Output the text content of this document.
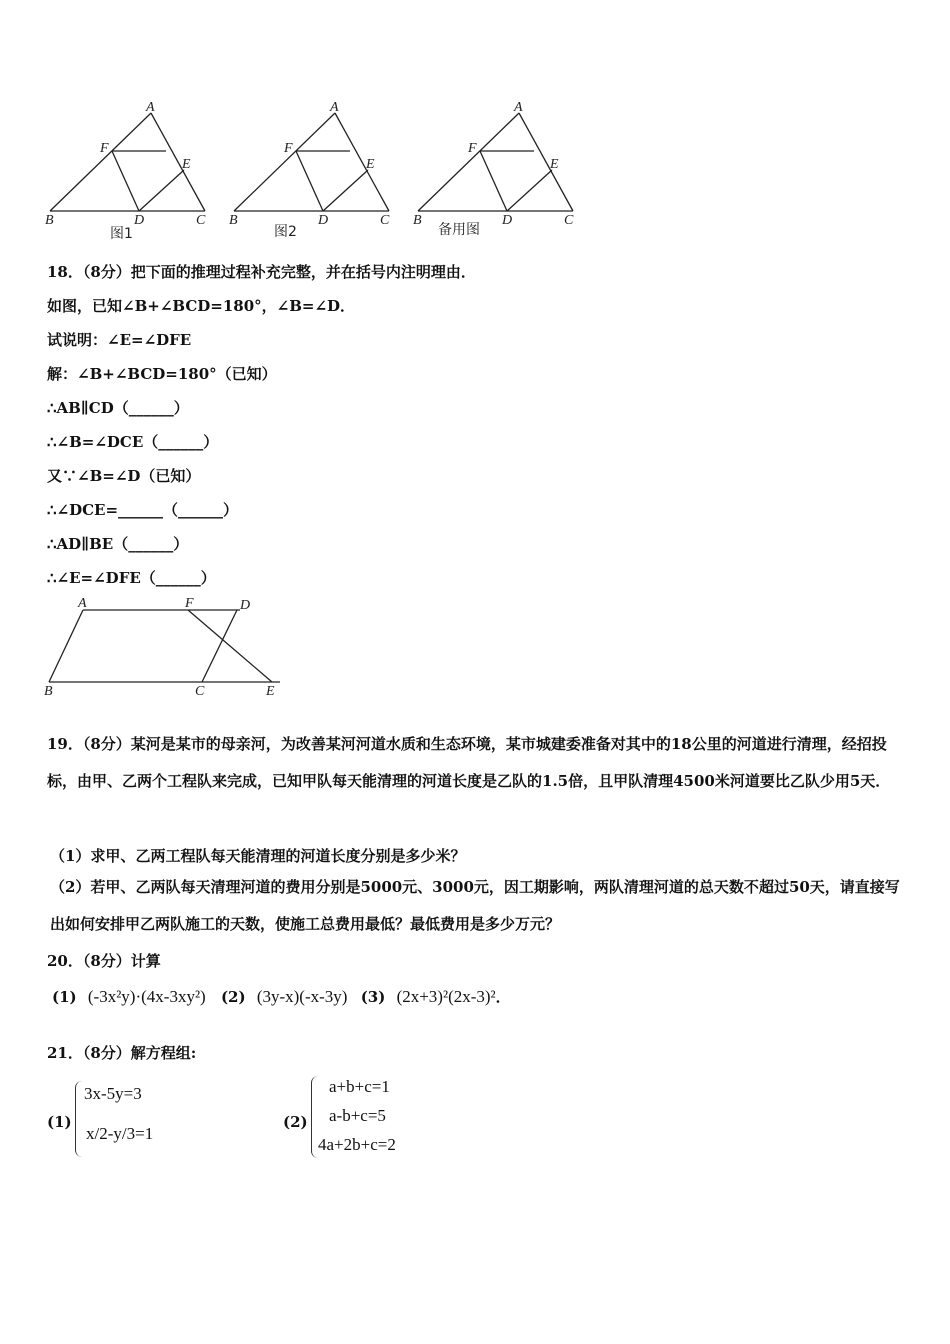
A
F
E
B	D	C
A
F
E
B	D	C
A
F
E
B	D	C
图1	图2	备用图
18．（8分）把下面的推理过程补充完整，并在括号内注明理由．
如图，已知∠B+∠BCD=180°，∠B=∠D．
试说明：∠E=∠DFE
解：∠B+∠BCD=180°（已知）
∴AB∥CD（______）
∴∠B=∠DCE（______）
又∵∠B=∠D（已知）
∴∠DCE=______（______）
∴AD∥BE（______）
∴∠E=∠DFE（______）
A	F	D
B	C	E
19．（8分）某河是某市的母亲河，为改善某河河道水质和生态环境，某市城建委准备对其中的18公里的河道进行清理，经招投标，由甲、乙两个工程队来完成，已知甲队每天能清理的河道长度是乙队的1.5倍，且甲队清理4500米河道要比乙队少用5天．
（1）求甲、乙两工程队每天能清理的河道长度分别是多少米？
（2）若甲、乙两队每天清理河道的费用分别是5000元、3000元，因工期影响，两队清理河道的总天数不超过50天，请直接写出如何安排甲乙两队施工的天数，使施工总费用最低？最低费用是多少万元？
20．（8分）计算
(1) (-3x²y)·(4x-3xy²) (2) (3y-x)(-x-3y) (3) (2x+3)²(2x-3)²．
21．（8分）解方程组:
(1)
3x-5y=3
x/2-y/3=1
(2)
a+b+c=1
a-b+c=5
4a+2b+c=2
